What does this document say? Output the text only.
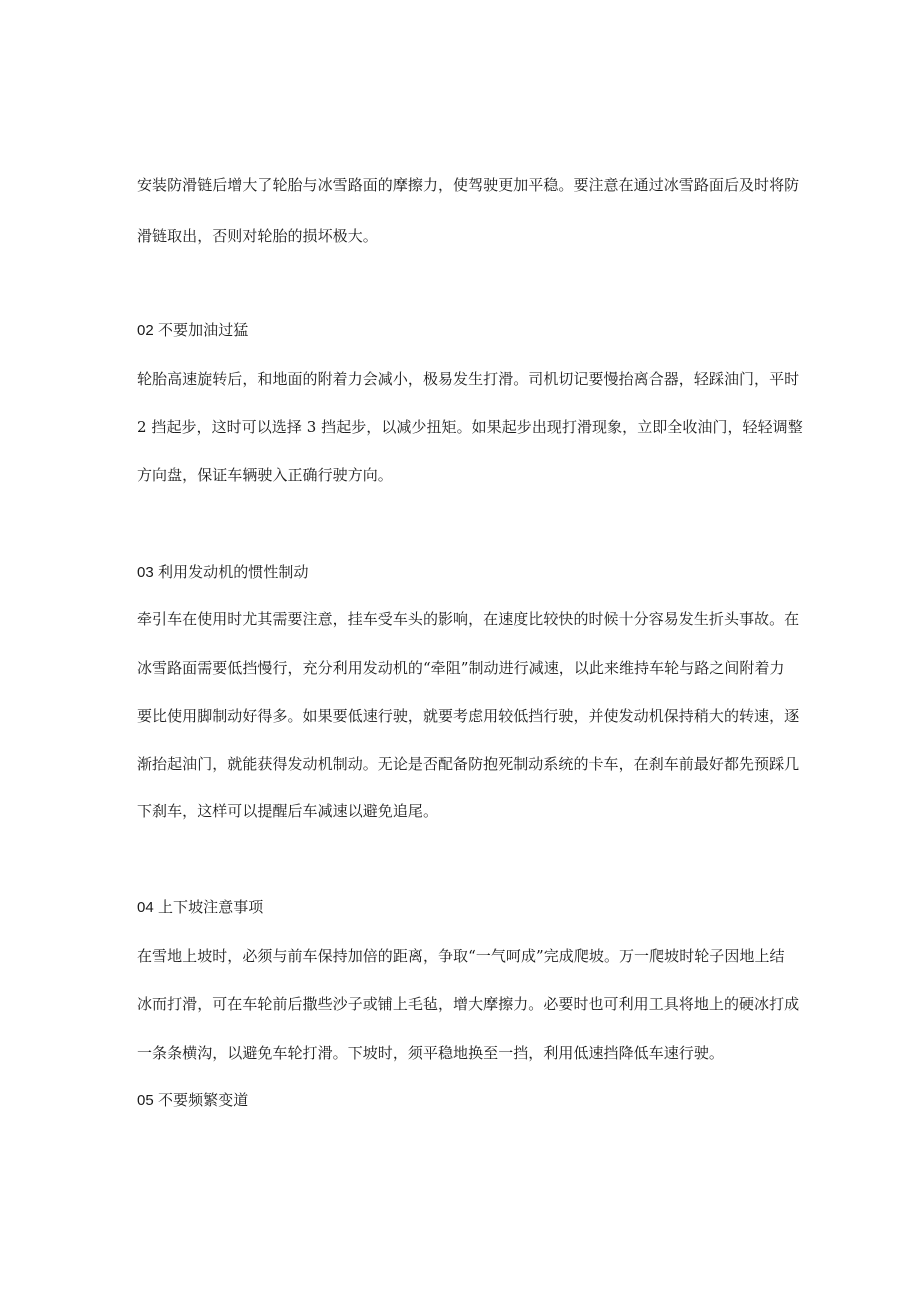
安装防滑链后增大了轮胎与冰雪路面的摩擦力，使驾驶更加平稳。要注意在通过冰雪路面后及时将防

滑链取出，否则对轮胎的损坏极大。

02 不要加油过猛

轮胎高速旋转后，和地面的附着力会减小，极易发生打滑。司机切记要慢抬离合器，轻踩油门，平时

2 挡起步，这时可以选择 3 挡起步，以减少扭矩。如果起步出现打滑现象，立即全收油门，轻轻调整

方向盘，保证车辆驶入正确行驶方向。

03 利用发动机的惯性制动

牵引车在使用时尤其需要注意，挂车受车头的影响，在速度比较快的时候十分容易发生折头事故。在

冰雪路面需要低挡慢行，充分利用发动机的“牵阻”制动进行减速，以此来维持车轮与路之间附着力

要比使用脚制动好得多。如果要低速行驶，就要考虑用较低挡行驶，并使发动机保持稍大的转速，逐

渐抬起油门，就能获得发动机制动。无论是否配备防抱死制动系统的卡车，在刹车前最好都先预踩几

下刹车，这样可以提醒后车减速以避免追尾。

04 上下坡注意事项

在雪地上坡时，必须与前车保持加倍的距离，争取“一气呵成”完成爬坡。万一爬坡时轮子因地上结

冰而打滑，可在车轮前后撒些沙子或铺上毛毡，增大摩擦力。必要时也可利用工具将地上的硬冰打成

一条条横沟，以避免车轮打滑。下坡时，须平稳地换至一挡，利用低速挡降低车速行驶。

05 不要频繁变道
